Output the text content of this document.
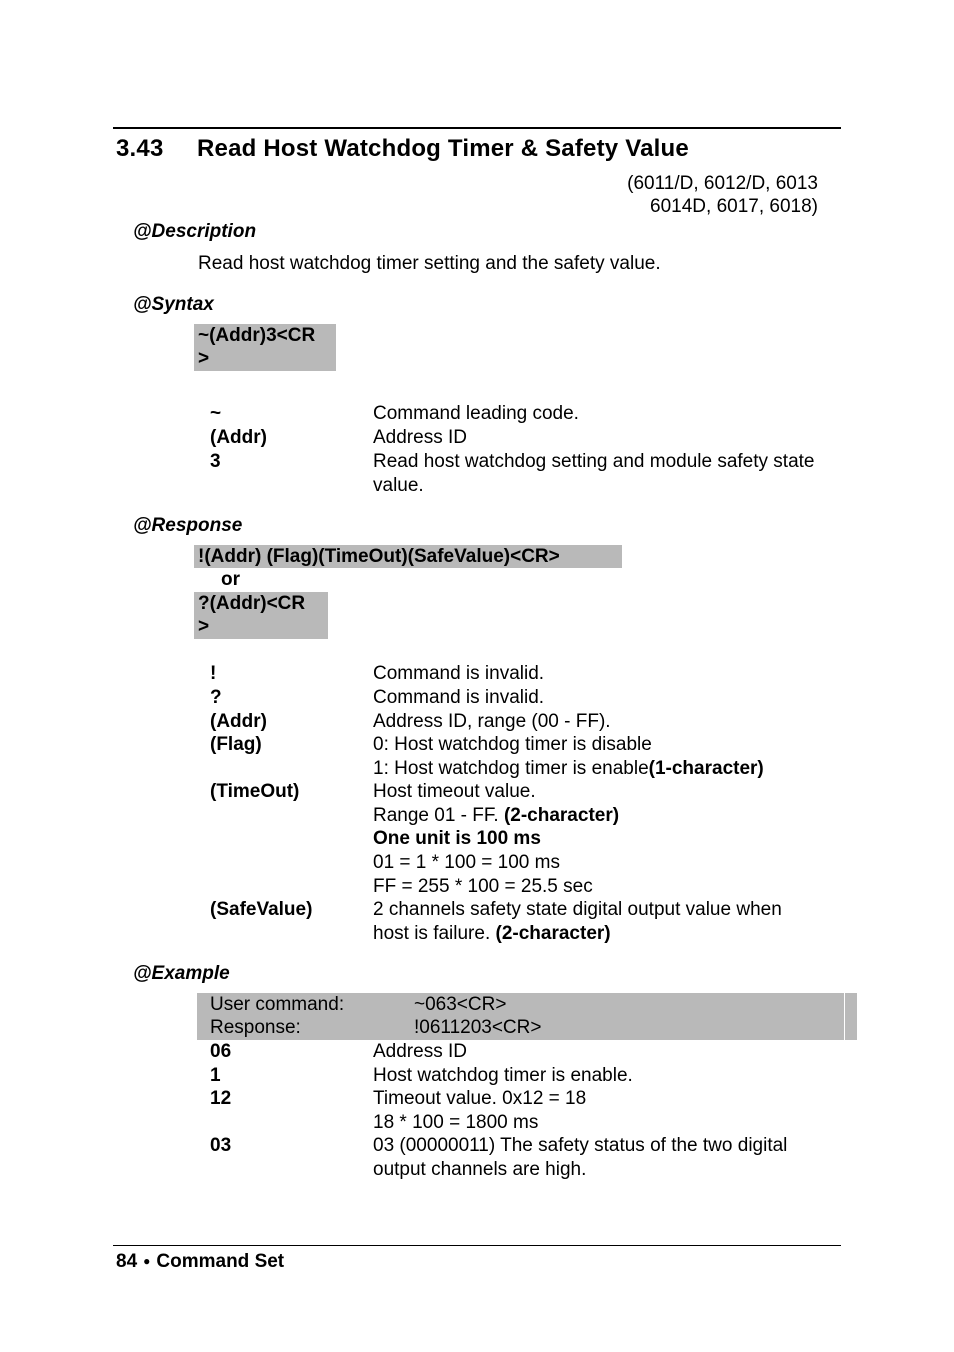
3.43 Read Host Watchdog Timer & Safety Value
(6011/D, 6012/D, 6013
6014D, 6017, 6018)
@Description
Read host watchdog timer setting and the safety value.
@Syntax
~(Addr)3<CR
>
~	Command leading code.
(Addr)	Address ID
3	Read host watchdog setting and module safety state
value.
@Response
!(Addr) (Flag)(TimeOut)(SafeValue)<CR>
or
?(Addr)<CR
>
!	Command is invalid.
?	Command is invalid.
(Addr)	Address ID, range (00 - FF).
(Flag)	0: Host watchdog timer is disable
1: Host watchdog timer is enable(1-character)
(TimeOut)	Host timeout value.
Range 01 - FF. (2-character)
One unit is 100 ms
01 = 1 * 100 = 100 ms
FF = 255 * 100 = 25.5 sec
(SafeValue)	2 channels safety state digital output value when
host is failure. (2-character)
@Example
User command:	~063<CR>
Response:	!0611203<CR>
06	Address ID
1	Host watchdog timer is enable.
12	Timeout value. 0x12 = 18
18 * 100 = 1800 ms
03	03 (00000011) The safety status of the two digital
output channels are high.
84 ● Command Set
